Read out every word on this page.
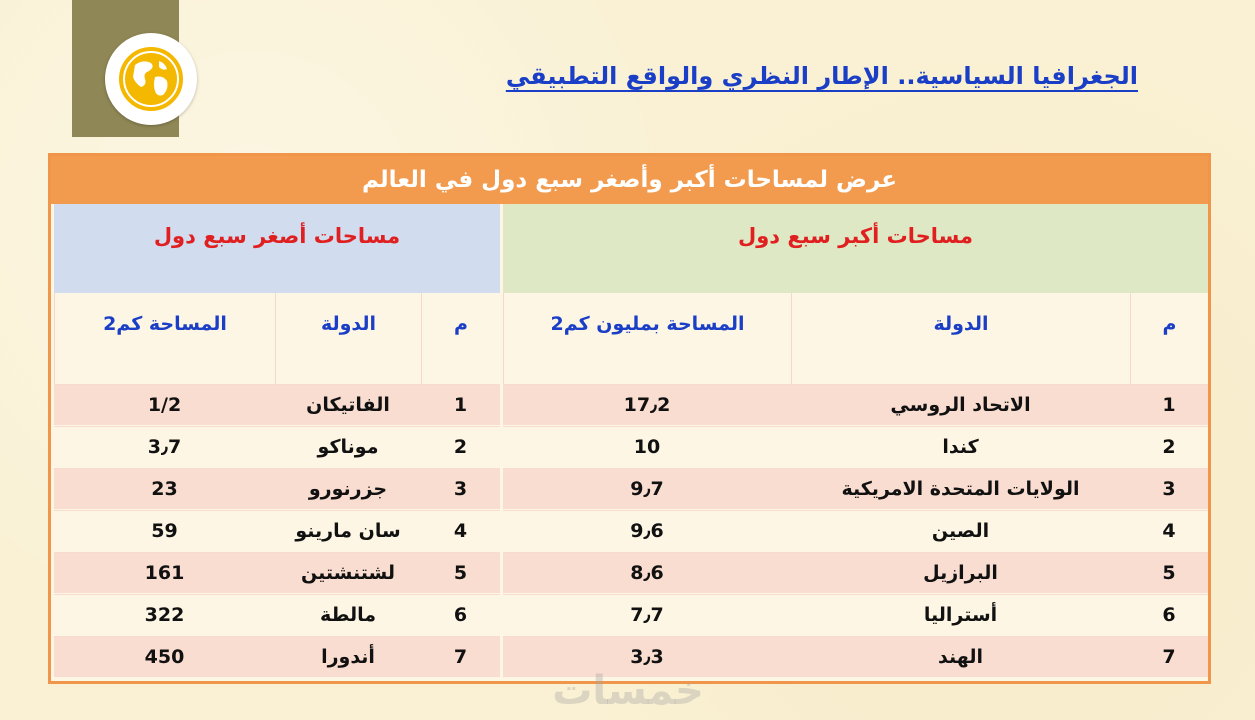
الجغرافيا السياسية.. الإطار النظري والواقع التطبيقي
عرض لمساحات أكبر وأصغر سبع دول في العالم
مساحات أكبر سبع دول
مساحات أصغر سبع دول
م
الدولة
المساحة بمليون كم2
م
الدولة
المساحة كم2
1
الاتحاد الروسي
17٫2
2
كندا
10
3
الولايات المتحدة الامريكية
9٫7
4
الصين
9٫6
5
البرازيل
8٫6
6
أستراليا
7٫7
7
الهند
3٫3
1
الفاتيكان
1/2
2
موناكو
3٫7
3
جزرنورو
23
4
سان مارينو
59
5
لشتنشتين
161
6
مالطة
322
7
أندورا
450
خمسات
